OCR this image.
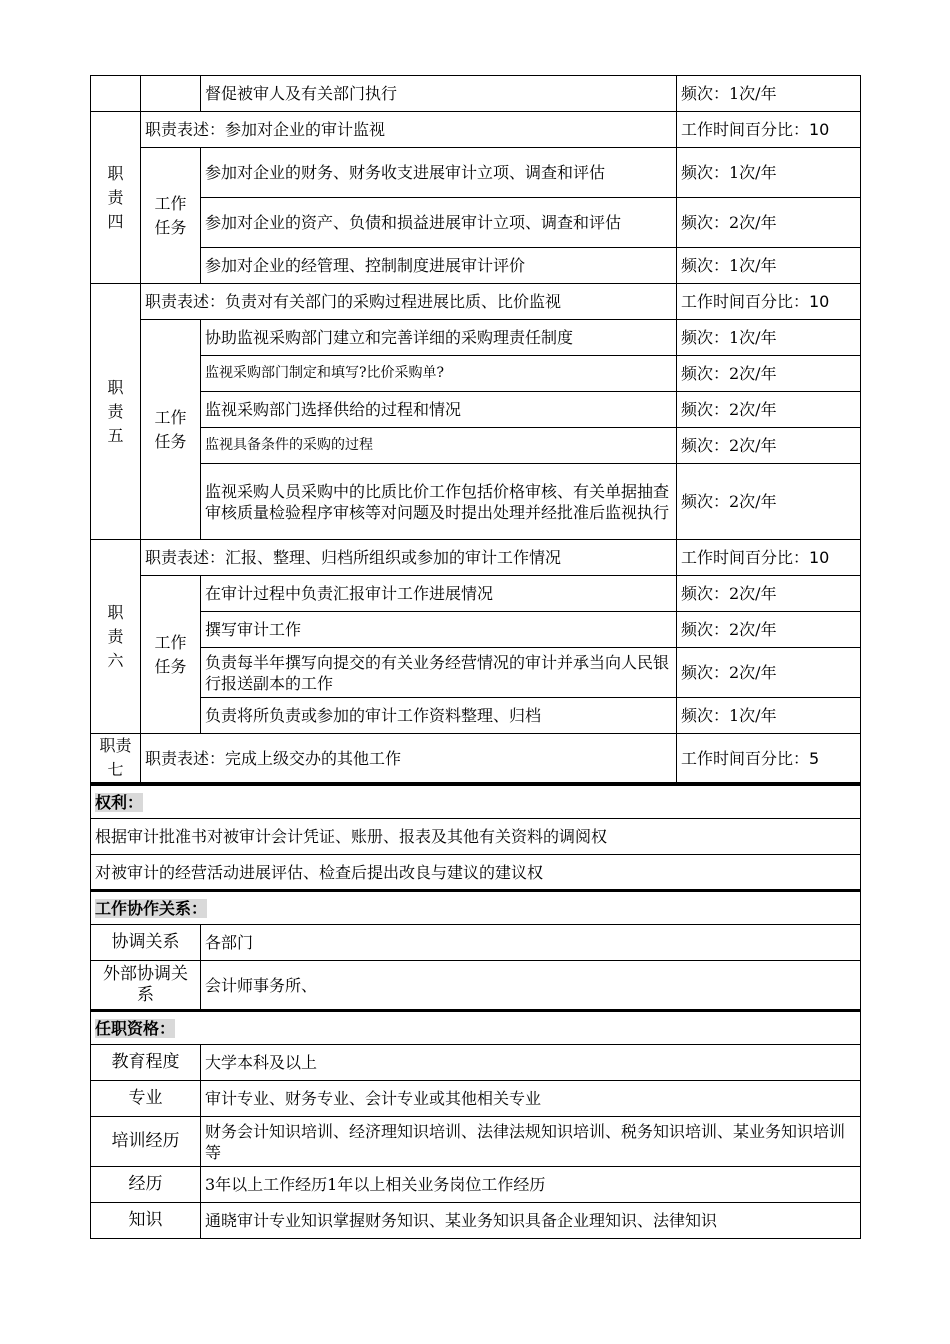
		督促被审人及有关部门执行	频次：1次/年
职责四	职责表述：参加对企业的审计监视		工作时间百分比：10
	工作任务	参加对企业的财务、财务收支进展审计立项、调查和评估	频次：1次/年
		参加对企业的资产、负债和损益进展审计立项、调查和评估	频次：2次/年
		参加对企业的经管理、控制制度进展审计评价	频次：1次/年
职责五	职责表述：负责对有关部门的采购过程进展比质、比价监视		工作时间百分比：10
	工作任务	协助监视采购部门建立和完善详细的采购理责任制度	频次：1次/年
		监视采购部门制定和填写?比价采购单?	频次：2次/年
		监视采购部门选择供给的过程和情况	频次：2次/年
		监视具备条件的采购的过程	频次：2次/年
		监视采购人员采购中的比质比价工作包括价格审核、有关单据抽查审核质量检验程序审核等对问题及时提出处理并经批准后监视执行	频次：2次/年
职责六	职责表述：汇报、整理、归档所组织或参加的审计工作情况		工作时间百分比：10
	工作任务	在审计过程中负责汇报审计工作进展情况	频次：2次/年
		撰写审计工作	频次：2次/年
		负责每半年撰写向提交的有关业务经营情况的审计并承当向人民银行报送副本的工作	频次：2次/年
		负责将所负责或参加的审计工作资料整理、归档	频次：1次/年
职责七	职责表述：完成上级交办的其他工作		工作时间百分比：5
权利：	
根据审计批准书对被审计会计凭证、账册、报表及其他有关资料的调阅权	
对被审计的经营活动进展评估、检查后提出改良与建议的建议权	
工作协作关系：	
协调关系	各部门
外部协调关系	会计师事务所、
任职资格：	
教育程度	大学本科及以上
专业	审计专业、财务专业、会计专业或其他相关专业
培训经历	财务会计知识培训、经济理知识培训、法律法规知识培训、税务知识培训、某业务知识培训等
经历	3年以上工作经历1年以上相关业务岗位工作经历
知识	通晓审计专业知识掌握财务知识、某业务知识具备企业理知识、法律知识
